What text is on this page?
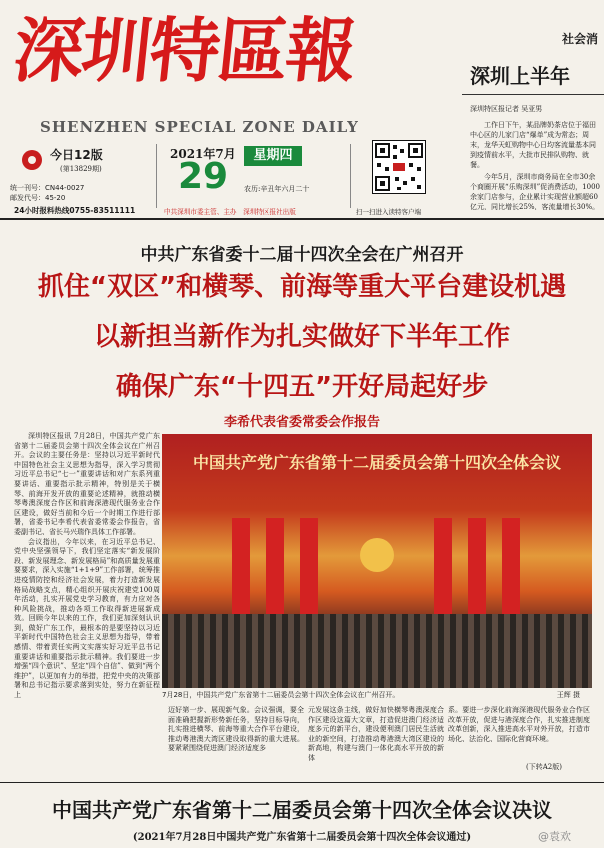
深圳特區報
SHENZHEN SPECIAL ZONE DAILY
社会消
深圳上半年
深圳特区报记者 吴亚男

工作日下午，某品牌奶茶店位于福田中心区的儿家门店“爆单”成为常态；周末，龙华天虹购物中心日均客流量基本同到疫情前水平，大批市民排队购物、就餐。

今年5月，深圳市商务局在全市30余个商圈开展“乐购深圳”促消费活动，1000余家门店参与，企业累计实现营业额超60亿元，同比增长25%，客流量增长30%。

今日12版
(第13829期)
2021年7月
29
星期四
农历:辛丑年六月二十
中共深圳市委主管、主办　深圳特区报社出版	扫一扫进入读特客户端
统一刊号：CN44-0027
邮发代号：45-20
24小时报料热线0755-83511111
中共广东省委十二届十四次全会在广州召开
抓住“双区”和横琴、前海等重大平台建设机遇
以新担当新作为扎实做好下半年工作
确保广东“十四五”开好局起好步
李希代表省委常委会作报告

深圳特区报讯 7月28日，中国共产党广东省第十二届委员会第十四次全体会议在广州召开。会议的主要任务是：坚持以习近平新时代中国特色社会主义思想为指导，深入学习贯彻习近平总书记“七一”重要讲话和对广东系列重要讲话、重要指示批示精神，特别是关于横琴、前海开发开放的重要论述精神，就推动横琴粤澳深度合作区和前海深港现代服务业合作区建设，做好当前和今后一个时期工作进行部署，省委书记李希代表省委常委会作报告，省委副书记、省长马兴瑞作具体工作部署。

会议指出，今年以来，在习近平总书记、党中央坚强领导下，我们坚定落实“新发展阶段、新发展理念、新发展格局”和高质量发展重要要求，深入实施“1+1+9”工作部署，统筹推进疫情防控和经济社会发展，着力打造新发展格局战略支点，精心组织开展庆祝建党100周年活动，扎实开展党史学习教育，有力应对各种风险挑战，推动各项工作取得新进展新成效。回顾今年以来的工作，我们更加深刻认识到，做好广东工作，最根本的是要坚持以习近平新时代中国特色社会主义思想为指导，带着感情、带着责任实两文实落实好习近平总书记重要讲话和重要指示批示精神。我们要进一步增强“四个意识”、坚定“四个自信”、做到“两个维护”，以更加有力的举措，把党中央的决策部署和总书记指示要求落到实处，努力在新征程上

中国共产党广东省第十二届委员会第十四次全体会议
7月28日，中国共产党广东省第十二届委员会第十四次全体会议在广州召开。	王辉 摄

迈好第一步、展现新气象。会议强调，要全面准确把握新形势新任务，坚持目标导向，扎实推进横琴、前海等重大合作平台建设，推动粤港澳大湾区建设取得新的重大进展。要紧紧围绕促进澳门经济适度多

元发展这条主线，做好加快横琴粤澳深度合作区建设这篇大文章，打造促进澳门经济适度多元的新平台，建设便利澳门居民生活就业的新空间，打造推动粤港澳大湾区建设的新高地，构建与澳门一体化高水平开放的新体

系。要进一步深化前海深港现代服务业合作区改革开放，促进与港深度合作，扎实推进制度改革创新，深入推进高水平对外开放，打造市场化、法治化、国际化营商环境。

(下转A2版)
中国共产党广东省第十二届委员会第十四次全体会议决议
(2021年7月28日中国共产党广东省第十二届委员会第十四次全体会议通过)	@袁欢
